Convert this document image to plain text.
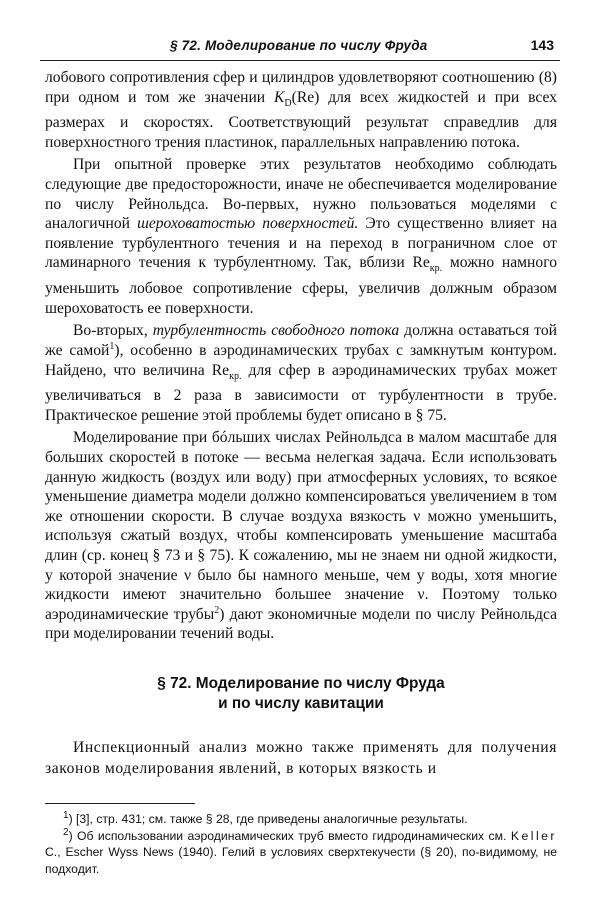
§ 72. Моделирование по числу Фруда	143

лобового сопротивления сфер и цилиндров удовлетворяют соотношению (8) при одном и том же значении $K_D(Re)$ для всех жидкостей и при всех размерах и скоростях. Соответствующий результат справедлив для поверхностного трения пластинок, параллельных направлению потока.

При опытной проверке этих результатов необходимо соблюдать следующие две предосторожности, иначе не обеспечивается моделирование по числу Рейнольдса. Во-первых, нужно пользоваться моделями с аналогичной шероховатостью поверхностей. Это существенно влияет на появление турбулентного течения и на переход в пограничном слое от ламинарного течения к турбулентному. Так, вблизи $Re_{кр.}$ можно намного уменьшить лобовое сопротивление сферы, увеличив должным образом шероховатость ее поверхности.

Во-вторых, турбулентность свободного потока должна оставаться той же самой$^1$), особенно в аэродинамических трубах с замкнутым контуром. Найдено, что величина $Re_{кр.}$ для сфер в аэродинамических трубах может увеличиваться в 2 раза в зависимости от турбулентности в трубе. Практическое решение этой проблемы будет описано в § 75.

Моделирование при бóльших числах Рейнольдса в малом масштабе для больших скоростей в потоке — весьма нелегкая задача. Если использовать данную жидкость (воздух или воду) при атмосферных условиях, то всякое уменьшение диаметра модели должно компенсироваться увеличением в том же отношении скорости. В случае воздуха вязкость ν можно уменьшить, используя сжатый воздух, чтобы компенсировать уменьшение масштаба длин (ср. конец § 73 и § 75). К сожалению, мы не знаем ни одной жидкости, у которой значение ν было бы намного меньше, чем у воды, хотя многие жидкости имеют значительно большее значение ν. Поэтому только аэродинамические трубы$^2$) дают экономичные модели по числу Рейнольдса при моделировании течений воды.

§ 72. Моделирование по числу Фруда
и по числу кавитации

Инспекционный анализ можно также применять для получения законов моделирования явлений, в которых вязкость и

$^1$) [3], стр. 431; см. также § 28, где приведены аналогичные результаты.

$^2$) Об использовании аэродинамических труб вместо гидродинамических см. Keller C., Escher Wyss News (1940). Гелий в условиях сверхтекучести (§ 20), по-видимому, не подходит.
